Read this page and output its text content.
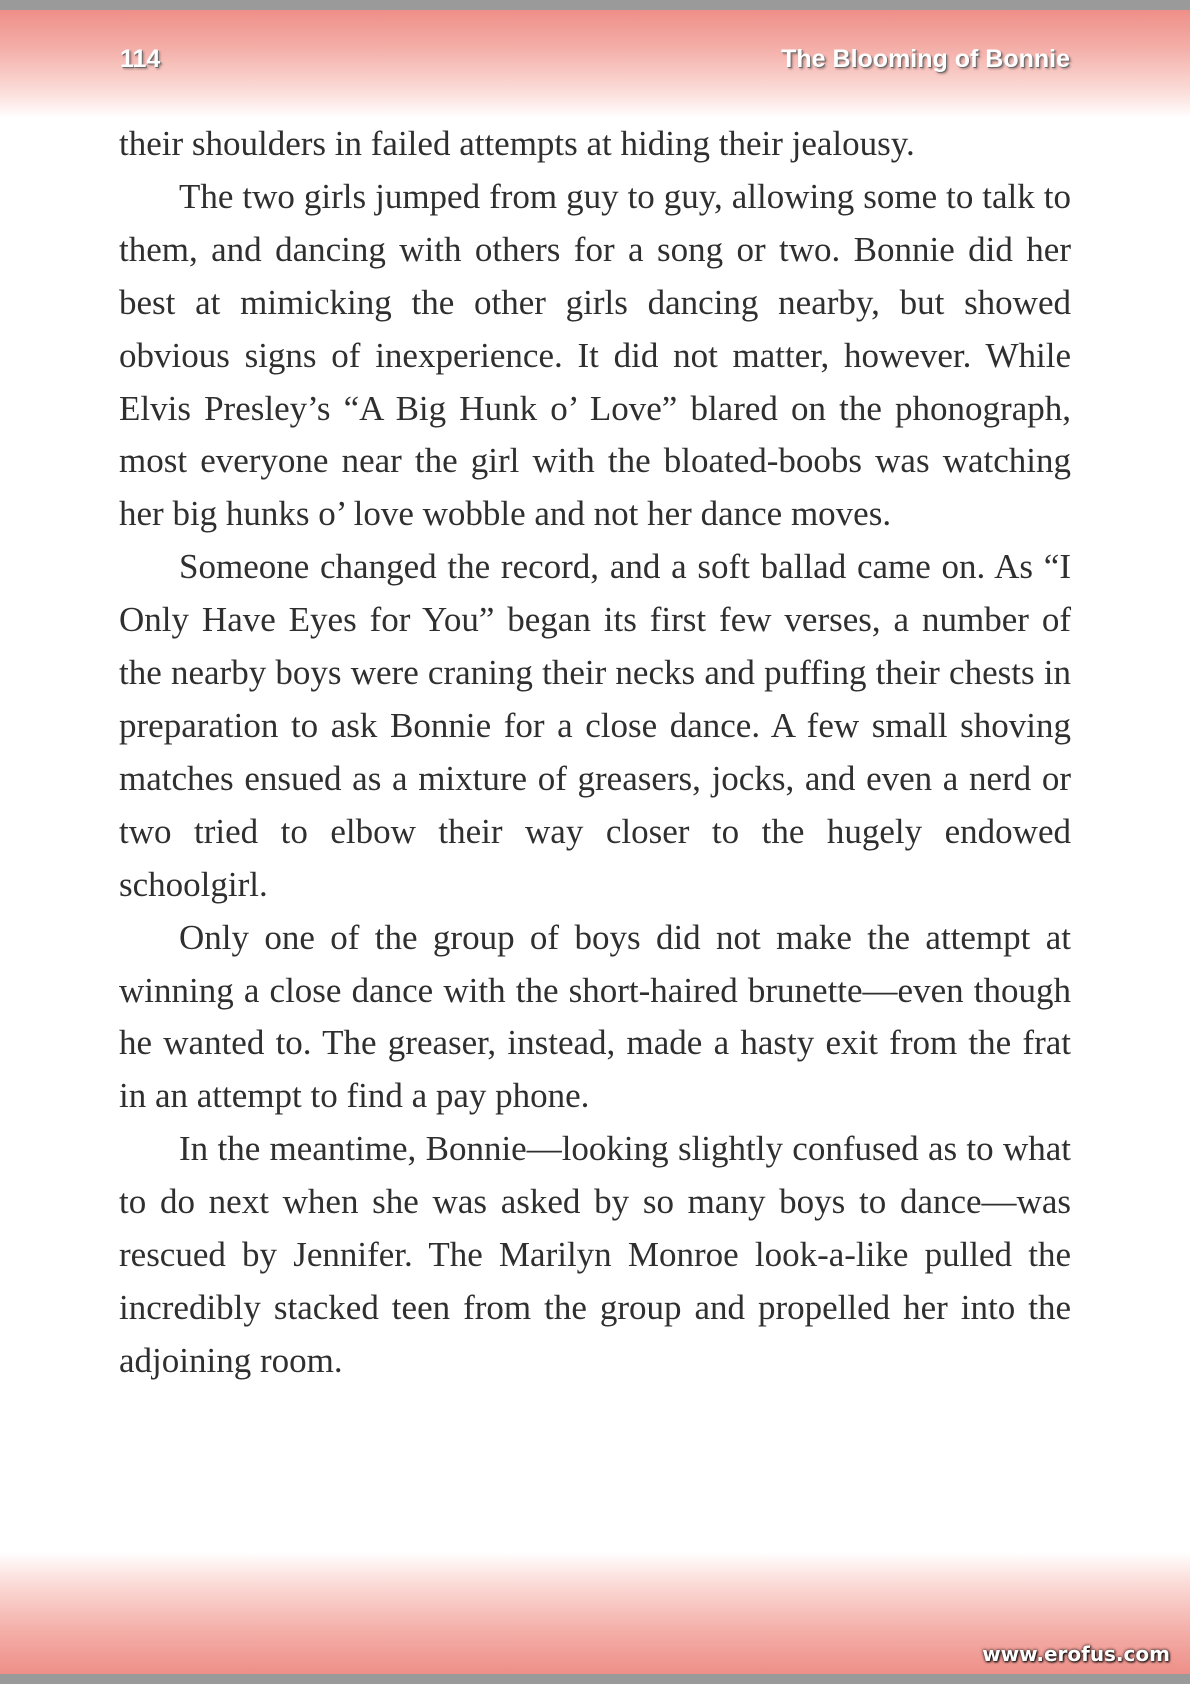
114	The Blooming of Bonnie

their shoulders in failed attempts at hiding their jealousy.

The two girls jumped from guy to guy, allowing some to talk to them, and dancing with others for a song or two. Bonnie did her best at mimicking the other girls dancing nearby, but showed obvious signs of inexperience. It did not matter, however. While Elvis Presley’s “A Big Hunk o’ Love” blared on the phonograph, most everyone near the girl with the bloated-boobs was watching her big hunks o’ love wobble and not her dance moves.

Someone changed the record, and a soft ballad came on. As “I Only Have Eyes for You” began its first few verses, a number of the nearby boys were craning their necks and puffing their chests in preparation to ask Bonnie for a close dance. A few small shoving matches ensued as a mixture of greasers, jocks, and even a nerd or two tried to elbow their way closer to the hugely endowed schoolgirl.

Only one of the group of boys did not make the attempt at winning a close dance with the short-haired brunette—even though he wanted to. The greaser, instead, made a hasty exit from the frat in an attempt to find a pay phone.

In the meantime, Bonnie—looking slightly confused as to what to do next when she was asked by so many boys to dance—was rescued by Jennifer. The Marilyn Monroe look-a-like pulled the incredibly stacked teen from the group and propelled her into the adjoining room.

www.erofus.com
